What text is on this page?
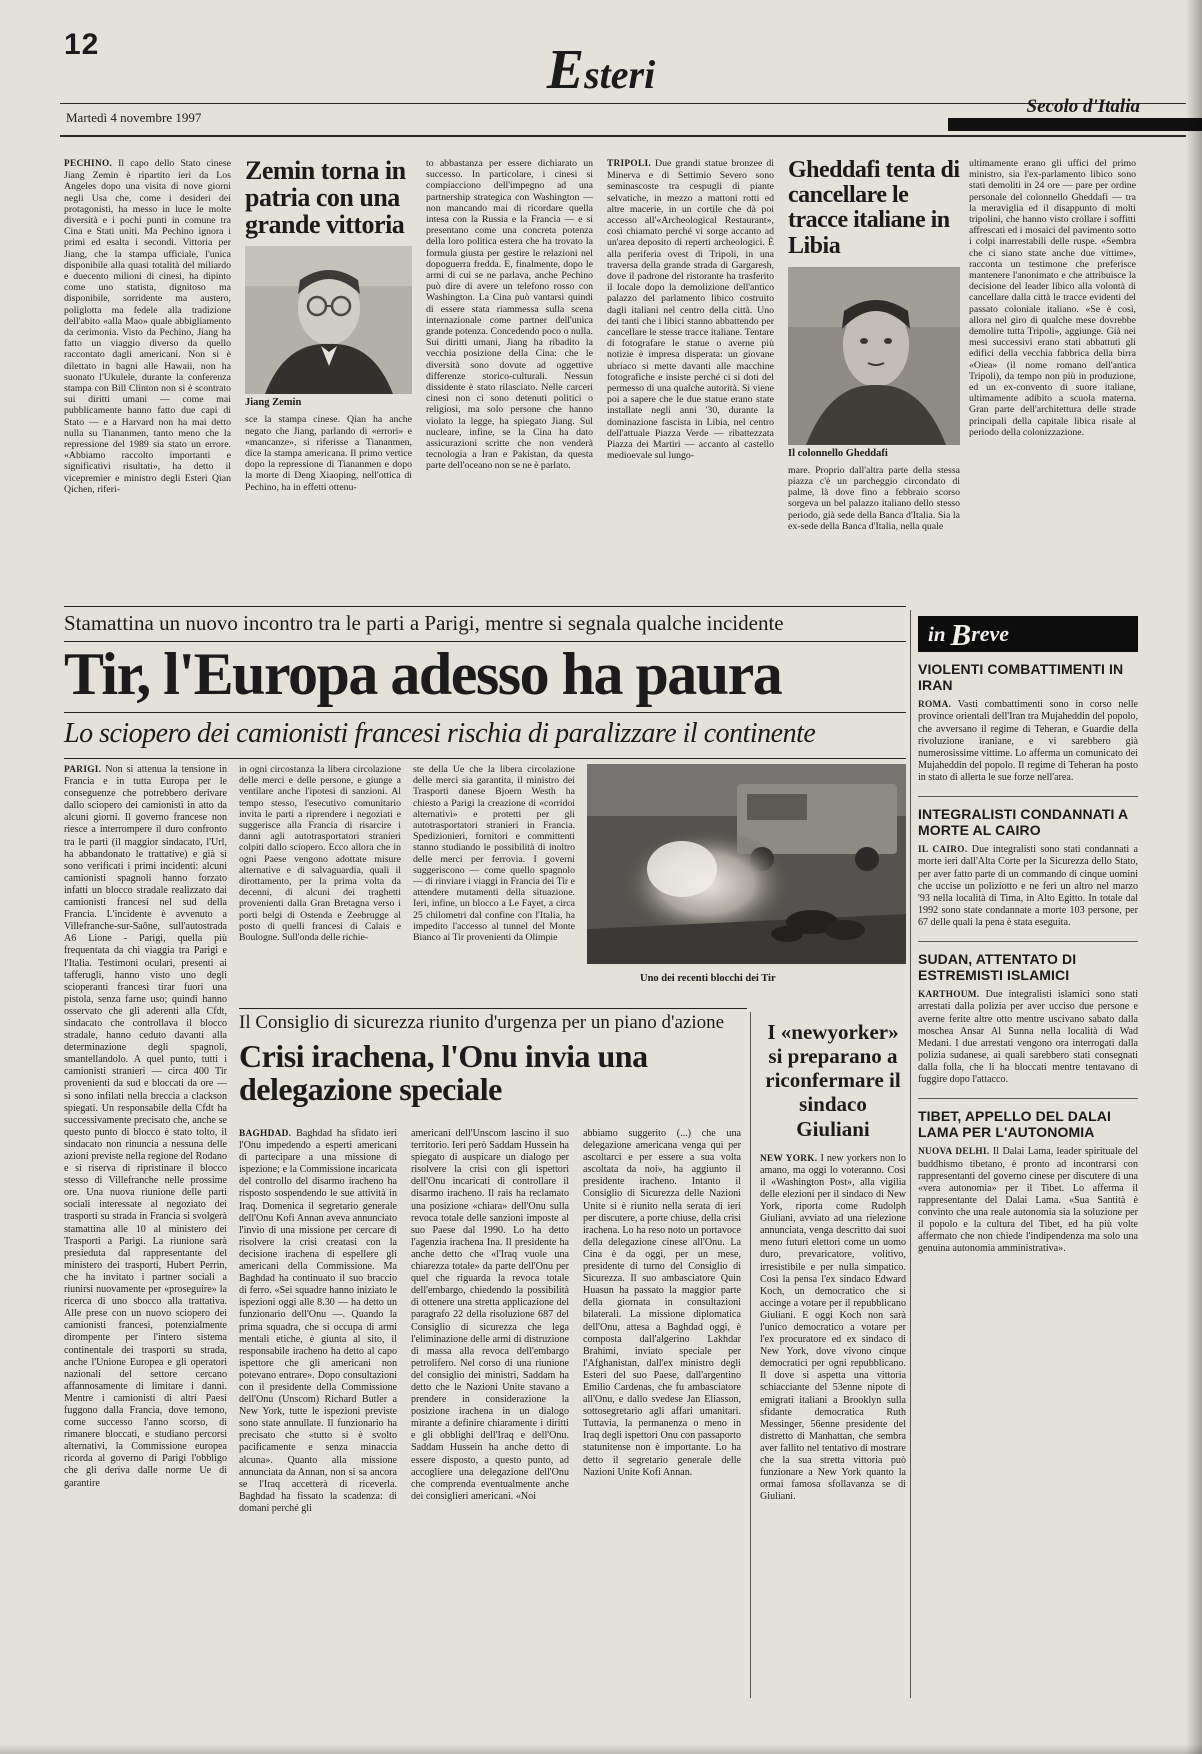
12	Esteri
Martedì 4 novembre 1997
Secolo d'Italia
PECHINO. Il capo dello Stato cinese Jiang Zemin è ripartito ieri da Los Angeles dopo una visita di nove giorni negli Usa che, come i desideri dei protagonisti, ha messo in luce le molte diversità e i pochi punti in comune tra Cina e Stati uniti. Ma Pechino ignora i primi ed esalta i secondi. Vittoria per Jiang, che la stampa ufficiale, l'unica disponibile alla quasi totalità del miliardo e duecento milioni di cinesi, ha dipinto come uno statista, dignitoso ma disponibile, sorridente ma austero, poliglotta ma fedele alla tradizione dell'abito «alla Mao» quale abbigliamento da cerimonia. Visto da Pechino, Jiang ha fatto un viaggio diverso da quello raccontato dagli americani. Non si è dilettato in bagni alle Hawaii, non ha suonato l'Ukulele, durante la conferenza stampa con Bill Clinton non si è scontrato sui diritti umani — come mai pubblicamente hanno fatto due capi di Stato — e a Harvard non ha mai detto nulla su Tiananmen, tanto meno che la repressione del 1989 sia stato un errore. «Abbiamo raccolto importanti e significativi risultati», ha detto il vicepremier e ministro degli Esteri Qian Qichen, riferi-
Zemin torna in patria con una grande vittoria
Jiang Zemin
sce la stampa cinese. Qian ha anche negato che Jiang, parlando di «errori» e «mancanze», si riferisse a Tiananmen, dice la stampa americana. Il primo vertice dopo la repressione di Tiananmen e dopo la morte di Deng Xiaoping, nell'ottica di Pechino, ha in effetti ottenu-
to abbastanza per essere dichiarato un successo. In particolare, i cinesi si compiacciono dell'impegno ad una partnership strategica con Washington — non mancando mai di ricordare quella intesa con la Russia e la Francia — e si presentano come una concreta potenza della loro politica estera che ha trovato la formula giusta per gestire le relazioni nel dopoguerra fredda. E, finalmente, dopo le armi di cui se ne parlava, anche Pechino può dire di avere un telefono rosso con Washington. La Cina può vantarsi quindi di essere stata riammessa sulla scena internazionale come partner dell'unica grande potenza. Concedendo poco o nulla. Sui diritti umani, Jiang ha ribadito la vecchia posizione della Cina: che le diversità sono dovute ad oggettive differenze storico-culturali. Nessun dissidente è stato rilasciato. Nelle carceri cinesi non ci sono detenuti politici o religiosi, ma solo persone che hanno violato la legge, ha spiegato Jiang. Sul nucleare, infine, se la Cina ha dato assicurazioni scritte che non venderà tecnologia a Iran e Pakistan, da questa parte dell'oceano non se ne è parlato.
TRIPOLI. Due grandi statue bronzee di Minerva e di Settimio Severo sono seminascoste tra cespugli di piante selvatiche, in mezzo a mattoni rotti ed altre macerie, in un cortile che dà poi accesso all'«Archeological Restaurant», così chiamato perché vi sorge accanto ad un'area deposito di reperti archeologici. È alla periferia ovest di Tripoli, in una traversa della grande strada di Gargaresh, dove il padrone del ristorante ha trasferito il locale dopo la demolizione dell'antico palazzo del parlamento libico costruito dagli italiani nel centro della città. Uno dei tanti che i libici stanno abbattendo per cancellare le stesse tracce italiane. Tentare di fotografare le statue o averne più notizie è impresa disperata: un giovane ubriaco si mette davanti alle macchine fotografiche e insiste perché ci si doti del permesso di una qualche autorità. Si viene poi a sapere che le due statue erano state installate negli anni '30, durante la dominazione fascista in Libia, nel centro dell'attuale Piazza Verde — ribattezzata Piazza dei Martiri — accanto al castello medioevale sul lungo-
Gheddafi tenta di cancellare le tracce italiane in Libia
Il colonnello Gheddafi
mare. Proprio dall'altra parte della stessa piazza c'è un parcheggio circondato di palme, là dove fino a febbraio scorso sorgeva un bel palazzo italiano dello stesso periodo, già sede della Banca d'Italia. Sia la ex-sede della Banca d'Italia, nella quale
ultimamente erano gli uffici del primo ministro, sia l'ex-parlamento libico sono stati demoliti in 24 ore — pare per ordine personale del colonnello Gheddafi — tra la meraviglia ed il disappunto di molti tripolini, che hanno visto crollare i soffitti affrescati ed i mosaici del pavimento sotto i colpi inarrestabili delle ruspe. «Sembra che ci siano state anche due vittime», racconta un testimone che preferisce mantenere l'anonimato e che attribuisce la decisione del leader libico alla volontà di cancellare dalla città le tracce evidenti del passato coloniale italiano. «Se è così, allora nel giro di qualche mese dovrebbe demolire tutta Tripoli», aggiunge. Già nei mesi successivi erano stati abbattuti gli edifici della vecchia fabbrica della birra «Oiea» (il nome romano dell'antica Tripoli), da tempo non più in produzione, ed un ex-convento di suore italiane, ultimamente adibito a scuola materna. Gran parte dell'architettura delle strade principali della capitale libica risale al periodo della colonizzazione.
Stamattina un nuovo incontro tra le parti a Parigi, mentre si segnala qualche incidente
Tir, l'Europa adesso ha paura
Lo sciopero dei camionisti francesi rischia di paralizzare il continente
PARIGI. Non si attenua la tensione in Francia e in tutta Europa per le conseguenze che potrebbero derivare dallo sciopero dei camionisti in atto da alcuni giorni. Il governo francese non riesce a interrompere il duro confronto tra le parti (il maggior sindacato, l'Url, ha abbandonato le trattative) e già si sono verificati i primi incidenti: alcuni camionisti spagnoli hanno forzato infatti un blocco stradale realizzato dai camionisti francesi nel sud della Francia. L'incidente è avvenuto a Villefranche-sur-Saône, sull'autostrada A6 Lione - Parigi, quella più frequentata da chi viaggia tra Parigi e l'Italia. Testimoni oculari, presenti ai tafferugli, hanno visto uno degli scioperanti francesi tirar fuori una pistola, senza farne uso; quindi hanno osservato che gli aderenti alla Cfdt, sindacato che controllava il blocco stradale, hanno ceduto davanti alla determinazione degli spagnoli, smantellandolo. A quel punto, tutti i camionisti stranieri — circa 400 Tir provenienti da sud e bloccati da ore — si sono infilati nella breccia a clackson spiegati. Un responsabile della Cfdt ha successivamente precisato che, anche se questo punto di blocco è stato tolto, il sindacato non rinuncia a nessuna delle azioni previste nella regione del Rodano e si riserva di ripristinare il blocco stesso di Villefranche nelle prossime ore. Una nuova riunione delle parti sociali interessate al negoziato dei trasporti su strada in Francia si svolgerà stamattina alle 10 al ministero dei Trasporti a Parigi. La riunione sarà presieduta dal rappresentante del ministero dei trasporti, Hubert Perrin, che ha invitato i partner sociali a riunirsi nuovamente per «proseguire» la ricerca di uno sbocco alla trattativa. Alle prese con un nuovo sciopero dei camionisti francesi, potenzialmente dirompente per l'intero sistema continentale dei trasporti su strada, anche l'Unione Europea e gli operatori nazionali del settore cercano affannosamente di limitare i danni. Mentre i camionisti di altri Paesi fuggono dalla Francia, dove temono, come successo l'anno scorso, di rimanere bloccati, e studiano percorsi alternativi, la Commissione europea ricorda al governo di Parigi l'obbligo che gli deriva dalle norme Ue di garantire
in ogni circostanza la libera circolazione delle merci e delle persone, e giunge a ventilare anche l'ipotesi di sanzioni. Al tempo stesso, l'esecutivo comunitario invita le parti a riprendere i negoziati e suggerisce alla Francia di risarcire i danni agli autotrasportatori stranieri colpiti dallo sciopero. Ecco allora che in ogni Paese vengono adottate misure alternative e di salvaguardia, quali il dirottamento, per la prima volta da decenni, di alcuni dei traghetti provenienti dalla Gran Bretagna verso i porti belgi di Ostenda e Zeebrugge al posto di quelli francesi di Calais e Boulogne. Sull'onda delle richie-
ste della Ue che la libera circolazione delle merci sia garantita, il ministro dei Trasporti danese Bjoern Westh ha chiesto a Parigi la creazione di «corridoi alternativi» e protetti per gli autotrasportatori stranieri in Francia. Spedizionieri, fornitori e committenti stanno studiando le possibilità di inoltro delle merci per ferrovia. I governi suggeriscono — come quello spagnolo — di rinviare i viaggi in Francia dei Tir e attendere mutamenti della situazione. Ieri, infine, un blocco a Le Fayet, a circa 25 chilometri dal confine con l'Italia, ha impedito l'accesso al tunnel del Monte Bianco ai Tir provenienti da Olimpie
Uno dei recenti blocchi dei Tir
Il Consiglio di sicurezza riunito d'urgenza per un piano d'azione
Crisi irachena, l'Onu invia una delegazione speciale
BAGHDAD. Baghdad ha sfidato ieri l'Onu impedendo a esperti americani di partecipare a una missione di ispezione; e la Commissione incaricata del controllo del disarmo iracheno ha risposto sospendendo le sue attività in Iraq. Domenica il segretario generale dell'Onu Kofi Annan aveva annunciato l'invio di una missione per cercare di risolvere la crisi creatasi con la decisione irachena di espellere gli americani della Commissione. Ma Baghdad ha continuato il suo braccio di ferro. «Sei squadre hanno iniziato le ispezioni oggi alle 8.30 — ha detto un funzionario dell'Onu —. Quando la prima squadra, che si occupa di armi mentali etiche, è giunta al sito, il responsabile iracheno ha detto al capo ispettore che gli americani non potevano entrare». Dopo consultazioni con il presidente della Commissione dell'Onu (Unscom) Richard Butler a New York, tutte le ispezioni previste sono state annullate. Il funzionario ha precisato che «tutto si è svolto pacificamente e senza minaccia alcuna». Quanto alla missione annunciata da Annan, non si sa ancora se l'Iraq accetterà di riceverla. Baghdad ha fissato la scadenza: di domani perché gli
americani dell'Unscom lascino il suo territorio. Ieri però Saddam Hussein ha spiegato di auspicare un dialogo per risolvere la crisi con gli ispettori dell'Onu incaricati di controllare il disarmo iracheno. Il raìs ha reclamato una posizione «chiara» dell'Onu sulla revoca totale delle sanzioni imposte al suo Paese dal 1990. Lo ha detto l'agenzia irachena Ina. Il presidente ha anche detto che «l'Iraq vuole una chiarezza totale» da parte dell'Onu per quel che riguarda la revoca totale dell'embargo, chiedendo la possibilità di ottenere una stretta applicazione del paragrafo 22 della risoluzione 687 del Consiglio di sicurezza che lega l'eliminazione delle armi di distruzione di massa alla revoca dell'embargo petrolifero. Nel corso di una riunione del consiglio dei ministri, Saddam ha detto che le Nazioni Unite stavano a prendere in considerazione la posizione irachena in un dialogo mirante a definire chiaramente i diritti e gli obblighi dell'Iraq e dell'Onu. Saddam Hussein ha anche detto di essere disposto, a questo punto, ad accogliere una delegazione dell'Onu che comprenda eventualmente anche dei consiglieri americani. «Noi
abbiamo suggerito (...) che una delegazione americana venga qui per ascoltarci e per essere a sua volta ascoltata da noi», ha aggiunto il presidente iracheno. Intanto il Consiglio di Sicurezza delle Nazioni Unite si è riunito nella serata di ieri per discutere, a porte chiuse, della crisi irachena. Lo ha reso noto un portavoce della delegazione cinese all'Onu. La Cina è da oggi, per un mese, presidente di turno del Consiglio di Sicurezza. Il suo ambasciatore Quin Huasun ha passato la maggior parte della giornata in consultazioni bilaterali. La missione diplomatica dell'Onu, attesa a Baghdad oggi, è composta dall'algerino Lakhdar Brahimi, inviato speciale per l'Afghanistan, dall'ex ministro degli Esteri del suo Paese, dall'argentino Emilio Cardenas, che fu ambasciatore all'Onu, e dallo svedese Jan Eliasson, sottosegretario agli affari umanitari. Tuttavia, la permanenza o meno in Iraq degli ispettori Onu con passaporto statunitense non è importante. Lo ha detto il segretario generale delle Nazioni Unite Kofi Annan.
I «newyorker» si preparano a riconfermare il sindaco Giuliani
NEW YORK. I new yorkers non lo amano, ma oggi lo voteranno. Così il «Washington Post», alla vigilia delle elezioni per il sindaco di New York, riporta come Rudolph Giuliani, avviato ad una rielezione annunciata, venga descritto dai suoi meno futuri elettori come un uomo duro, prevaricatore, volitivo, irresistibile e per nulla simpatico. Così la pensa l'ex sindaco Edward Koch, un democratico che si accinge a votare per il repubblicano Giuliani. E oggi Koch non sarà l'unico democratico a votare per l'ex procuratore ed ex sindaco di New York, dove vivono cinque democratici per ogni repubblicano. Il dove si aspetta una vittoria schiacciante del 53enne nipote di emigrati italiani a Brooklyn sulla sfidante democratica Ruth Messinger, 56enne presidente del distretto di Manhattan, che sembra aver fallito nel tentativo di mostrare che la sua stretta vittoria può funzionare a New York quanto la ormai famosa sfollavanza se di Giuliani.
in B reve
VIOLENTI COMBATTIMENTI IN IRAN
ROMA. Vasti combattimenti sono in corso nelle province orientali dell'Iran tra Mujaheddin del popolo, che avversano il regime di Teheran, e Guardie della rivoluzione iraniane, e vi sarebbero già numerosissime vittime. Lo afferma un comunicato dei Mujaheddin del popolo. Il regime di Teheran ha posto in stato di allerta le sue forze nell'area.
INTEGRALISTI CONDANNATI A MORTE AL CAIRO
IL CAIRO. Due integralisti sono stati condannati a morte ieri dall'Alta Corte per la Sicurezza dello Stato, per aver fatto parte di un commando di cinque uomini che uccise un poliziotto e ne ferì un altro nel marzo '93 nella località di Tima, in Alto Egitto. In totale dal 1992 sono state condannate a morte 103 persone, per 67 delle quali la pena è stata eseguita.
SUDAN, ATTENTATO DI ESTREMISTI ISLAMICI
KARTHOUM. Due integralisti islamici sono stati arrestati dalla polizia per aver ucciso due persone e averne ferite altre otto mentre uscivano sabato dalla moschea Ansar Al Sunna nella località di Wad Medani. I due arrestati vengono ora interrogati dalla polizia sudanese, ai quali sarebbero stati consegnati dalla folla, che li ha bloccati mentre tentavano di fuggire dopo l'attacco.
TIBET, APPELLO DEL DALAI LAMA PER L'AUTONOMIA
NUOVA DELHI. Il Dalai Lama, leader spirituale del buddhismo tibetano, è pronto ad incontrarsi con rappresentanti del governo cinese per discutere di una «vera autonomia» per il Tibet. Lo afferma il rappresentante del Dalai Lama. «Sua Santità è convinto che una reale autonomia sia la soluzione per il popolo e la cultura del Tibet, ed ha più volte affermato che non chiede l'indipendenza ma solo una genuina autonomia amministrativa».
